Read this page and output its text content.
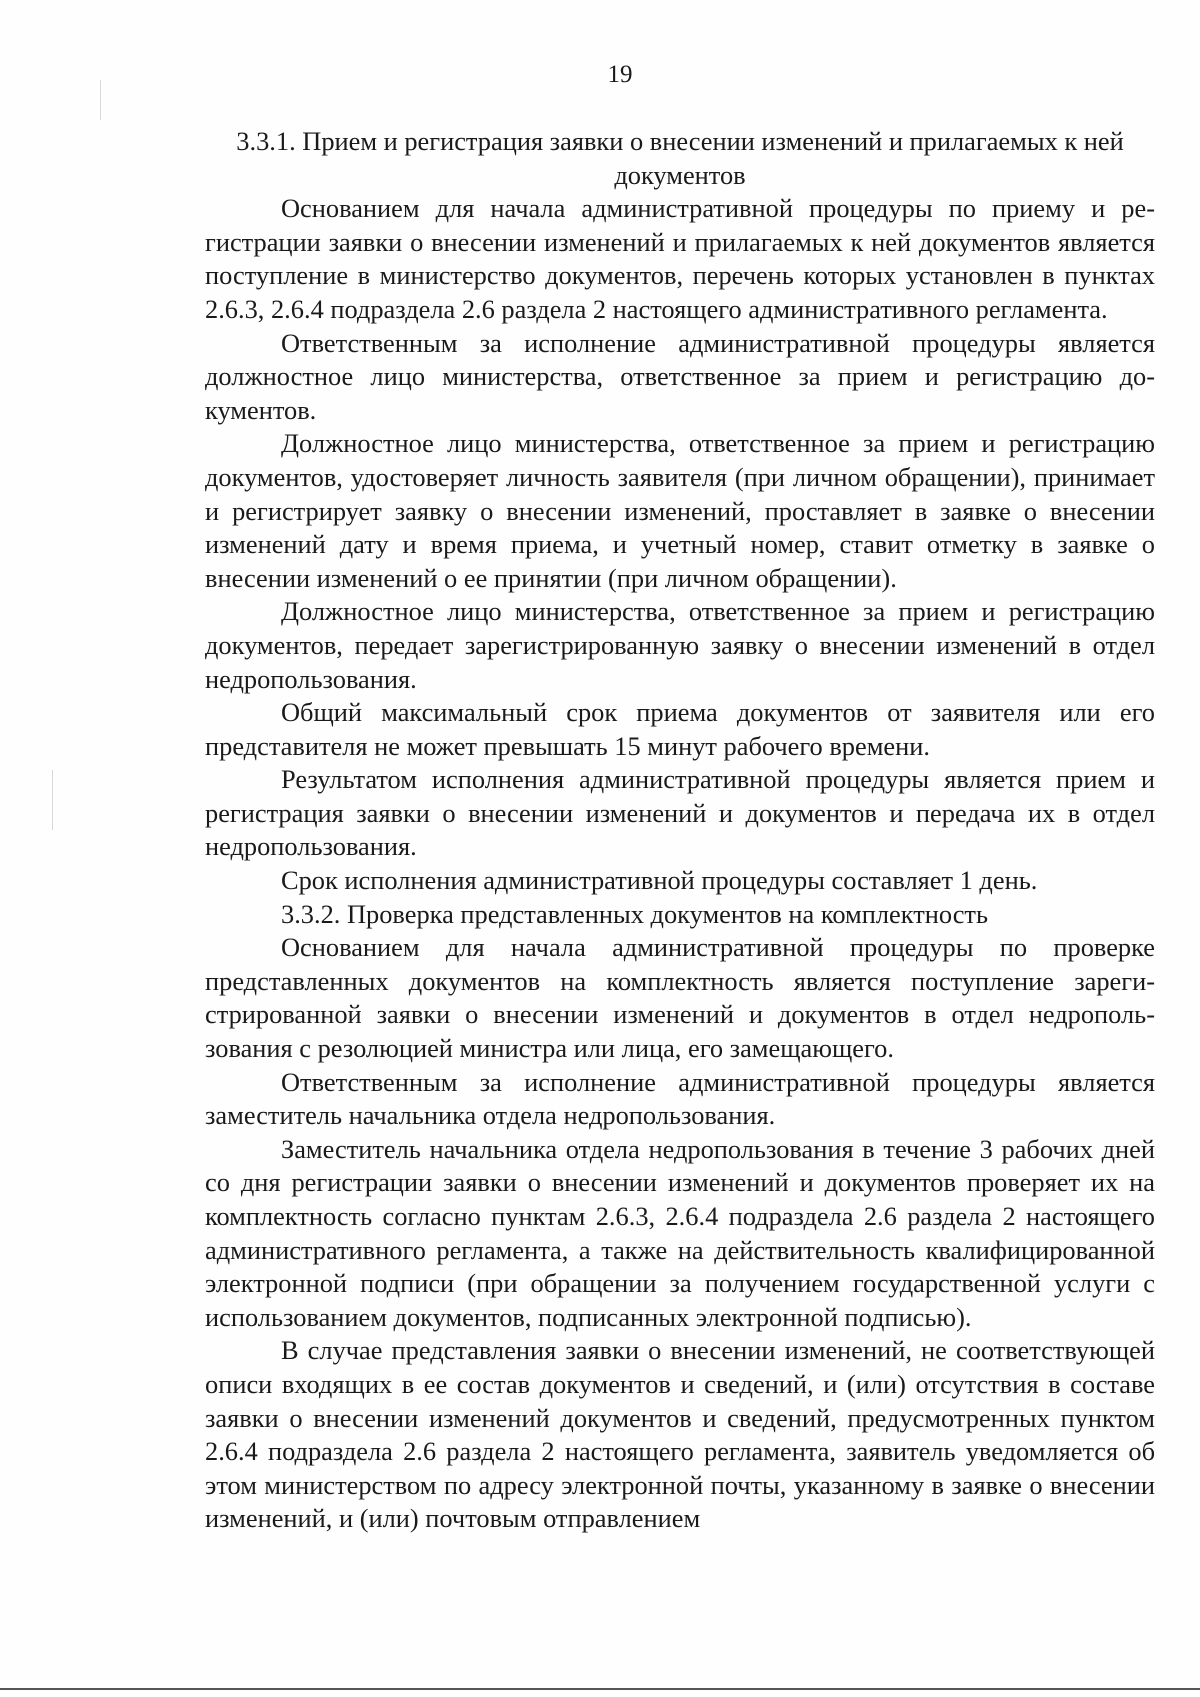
19
3.3.1. Прием и регистрация заявки о внесении изменений и прилагаемых к ней документов

Основанием для начала административной процедуры по приему и регистрации заявки о внесении изменений и прилагаемых к ней документов является поступление в министерство документов, перечень которых установлен в пунктах 2.6.3, 2.6.4 подраздела 2.6 раздела 2 настоящего административного регламента.

Ответственным за исполнение административной процедуры является должностное лицо министерства, ответственное за прием и регистрацию документов.

Должностное лицо министерства, ответственное за прием и регистрацию документов, удостоверяет личность заявителя (при личном обращении), принимает и регистрирует заявку о внесении изменений, проставляет в заявке о внесении изменений дату и время приема, и учетный номер, ставит отметку в заявке о внесении изменений о ее принятии (при личном обращении).

Должностное лицо министерства, ответственное за прием и регистрацию документов, передает зарегистрированную заявку о внесении изменений в отдел недропользования.

Общий максимальный срок приема документов от заявителя или его представителя не может превышать 15 минут рабочего времени.

Результатом исполнения административной процедуры является прием и регистрация заявки о внесении изменений и документов и передача их в отдел недропользования.

Срок исполнения административной процедуры составляет 1 день.

3.3.2. Проверка представленных документов на комплектность

Основанием для начала административной процедуры по проверке представленных документов на комплектность является поступление зарегистрированной заявки о внесении изменений и документов в отдел недропользования с резолюцией министра или лица, его замещающего.

Ответственным за исполнение административной процедуры является заместитель начальника отдела недропользования.

Заместитель начальника отдела недропользования в течение 3 рабочих дней со дня регистрации заявки о внесении изменений и документов проверяет их на комплектность согласно пунктам 2.6.3, 2.6.4 подраздела 2.6 раздела 2 настоящего административного регламента, а также на действительность квалифицированной электронной подписи (при обращении за получением государственной услуги с использованием документов, подписанных электронной подписью).

В случае представления заявки о внесении изменений, не соответствующей описи входящих в ее состав документов и сведений, и (или) отсутствия в составе заявки о внесении изменений документов и сведений, предусмотренных пунктом 2.6.4 подраздела 2.6 раздела 2 настоящего регламента, заявитель уведомляется об этом министерством по адресу электронной почты, указанному в заявке о внесении изменений, и (или) почтовым отправлением
